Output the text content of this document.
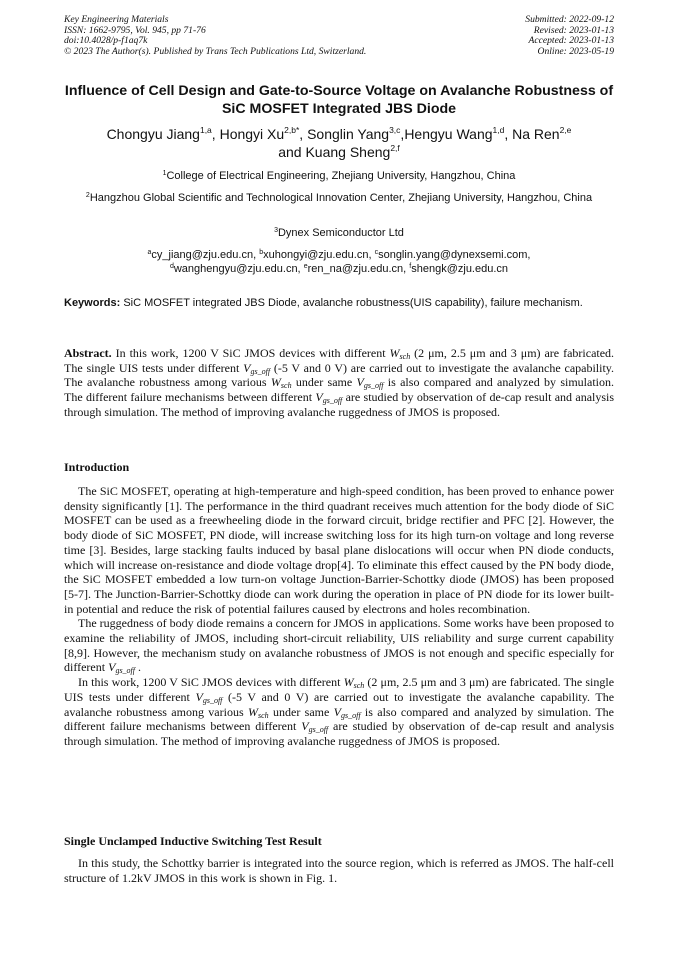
Key Engineering Materials
ISSN: 1662-9795, Vol. 945, pp 71-76
doi:10.4028/p-f1aq7k
© 2023 The Author(s). Published by Trans Tech Publications Ltd, Switzerland.
Submitted: 2022-09-12
Revised: 2023-01-13
Accepted: 2023-01-13
Online: 2023-05-19
Influence of Cell Design and Gate-to-Source Voltage on Avalanche Robustness of SiC MOSFET Integrated JBS Diode
Chongyu Jiang$^{1,a}$, Hongyi $Xu^{2,b*}$, Songlin Yang$^{3,c}$,Hengyu Wang$^{1,d}$, Na Ren$^{2,e}$
and Kuang Sheng$^{2,f}$
$^1$College of Electrical Engineering, Zhejiang University, Hangzhou, China
$^2$Hangzhou Global Scientific and Technological Innovation Center, Zhejiang University, Hangzhou, China
$^3$Dynex Semiconductor Ltd
$^a$cy_jiang@zju.edu.cn, $^b$xuhongyi@zju.edu.cn, $^c$songlin.yang@dynexsemi.com,
$^d$wanghengyu@zju.edu.cn, $^e$ren_na@zju.edu.cn, $^f$shengk@zju.edu.cn
Keywords: SiC MOSFET integrated JBS Diode, avalanche robustness(UIS capability), failure mechanism.
Abstract. In this work, 1200 V SiC JMOS devices with different $W_{sch}$ (2 μm, 2.5 μm and 3 μm) are fabricated. The single UIS tests under different $V_{gs\_off}$ (-5 V and 0 V) are carried out to investigate the avalanche capability. The avalanche robustness among various $W_{sch}$ under same $V_{gs\_off}$ is also compared and analyzed by simulation. The different failure mechanisms between different $V_{gs\_off}$ are studied by observation of de-cap result and analysis through simulation. The method of improving avalanche ruggedness of JMOS is proposed.
Introduction

The SiC MOSFET, operating at high-temperature and high-speed condition, has been proved to enhance power density significantly [1]. The performance in the third quadrant receives much attention for the body diode of SiC MOSFET can be used as a freewheeling diode in the forward circuit, bridge rectifier and PFC [2]. However, the body diode of SiC MOSFET, PN diode, will increase switching loss for its high turn-on voltage and long reverse time [3]. Besides, large stacking faults induced by basal plane dislocations will occur when PN diode conducts, which will increase on-resistance and diode voltage drop[4]. To eliminate this effect caused by the PN body diode, the SiC MOSFET embedded a low turn-on voltage Junction-Barrier-Schottky diode (JMOS) has been proposed [5-7]. The Junction-Barrier-Schottky diode can work during the operation in place of PN diode for its lower built-in potential and reduce the risk of potential failures caused by electrons and holes recombination.

The ruggedness of body diode remains a concern for JMOS in applications. Some works have been proposed to examine the reliability of JMOS, including short-circuit reliability, UIS reliability and surge current capability [8,9]. However, the mechanism study on avalanche robustness of JMOS is not enough and specific especially for different $V_{gs\_off}$ .

In this work, 1200 V SiC JMOS devices with different $W_{sch}$ (2 μm, 2.5 μm and 3 μm) are fabricated. The single UIS tests under different $V_{gs\_off}$ (-5 V and 0 V) are carried out to investigate the avalanche capability. The avalanche robustness among various $W_{sch}$ under same $V_{gs\_off}$ is also compared and analyzed by simulation. The different failure mechanisms between different $V_{gs\_off}$ are studied by observation of de-cap result and analysis through simulation. The method of improving avalanche ruggedness of JMOS is proposed.

Single Unclamped Inductive Switching Test Result

In this study, the Schottky barrier is integrated into the source region, which is referred as JMOS. The half-cell structure of 1.2kV JMOS in this work is shown in Fig. 1.
